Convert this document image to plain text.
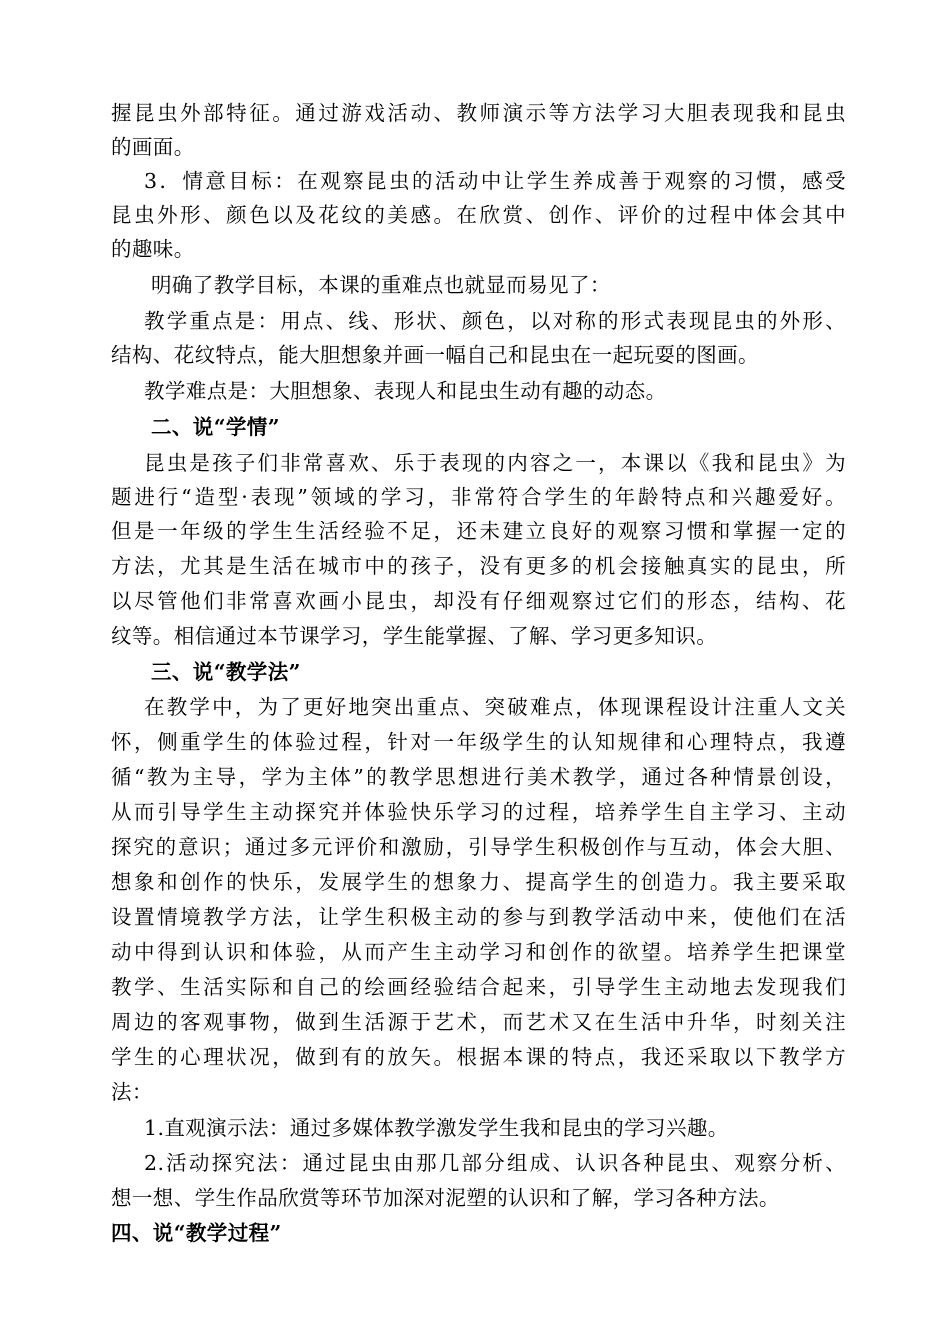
握昆虫外部特征。通过游戏活动、教师演示等方法学习大胆表现我和昆虫
的画面。
3．情意目标：在观察昆虫的活动中让学生养成善于观察的习惯，感受
昆虫外形、颜色以及花纹的美感。在欣赏、创作、评价的过程中体会其中
的趣味。
明确了教学目标，本课的重难点也就显而易见了：
教学重点是：用点、线、形状、颜色，以对称的形式表现昆虫的外形、
结构、花纹特点，能大胆想象并画一幅自己和昆虫在一起玩耍的图画。
教学难点是：大胆想象、表现人和昆虫生动有趣的动态。
二、说“学情”
昆虫是孩子们非常喜欢、乐于表现的内容之一，本课以《我和昆虫》为
题进行“造型·表现”领域的学习，非常符合学生的年龄特点和兴趣爱好。
但是一年级的学生生活经验不足，还未建立良好的观察习惯和掌握一定的
方法，尤其是生活在城市中的孩子，没有更多的机会接触真实的昆虫，所
以尽管他们非常喜欢画小昆虫，却没有仔细观察过它们的形态，结构、花
纹等。相信通过本节课学习，学生能掌握、了解、学习更多知识。
三、说“教学法”
在教学中，为了更好地突出重点、突破难点，体现课程设计注重人文关
怀，侧重学生的体验过程，针对一年级学生的认知规律和心理特点，我遵
循“教为主导，学为主体”的教学思想进行美术教学，通过各种情景创设，
从而引导学生主动探究并体验快乐学习的过程，培养学生自主学习、主动
探究的意识；通过多元评价和激励，引导学生积极创作与互动，体会大胆、
想象和创作的快乐，发展学生的想象力、提高学生的创造力。我主要采取
设置情境教学方法，让学生积极主动的参与到教学活动中来，使他们在活
动中得到认识和体验，从而产生主动学习和创作的欲望。培养学生把课堂
教学、生活实际和自己的绘画经验结合起来，引导学生主动地去发现我们
周边的客观事物，做到生活源于艺术，而艺术又在生活中升华，时刻关注
学生的心理状况，做到有的放矢。根据本课的特点，我还采取以下教学方
法：
1.直观演示法：通过多媒体教学激发学生我和昆虫的学习兴趣。
2.活动探究法：通过昆虫由那几部分组成、认识各种昆虫、观察分析、
想一想、学生作品欣赏等环节加深对泥塑的认识和了解，学习各种方法。
四、说“教学过程”
